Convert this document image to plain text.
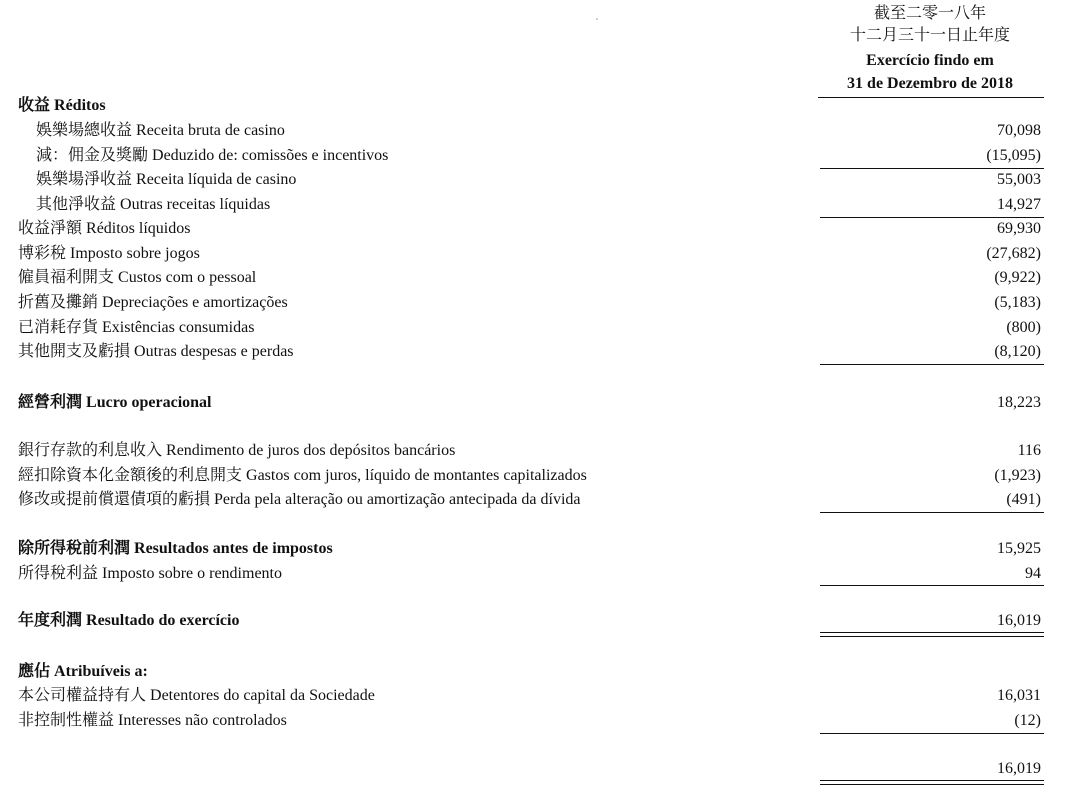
截至二零一八年
十二月三十一日止年度
Exercício findo em
31 de Dezembro de 2018
收益 Réditos
娛樂場總收益 Receita bruta de casino	70,098
減：佣金及獎勵 Deduzido de: comissões e incentivos	(15,095)
娛樂場淨收益 Receita líquida de casino	55,003
其他淨收益 Outras receitas líquidas	14,927
收益淨額 Réditos líquidos	69,930
博彩稅 Imposto sobre jogos	(27,682)
僱員福利開支 Custos com o pessoal	(9,922)
折舊及攤銷 Depreciações e amortizações	(5,183)
已消耗存貨 Existências consumidas	(800)
其他開支及虧損 Outras despesas e perdas	(8,120)
經營利潤 Lucro operacional	18,223
銀行存款的利息收入 Rendimento de juros dos depósitos bancários	116
經扣除資本化金額後的利息開支 Gastos com juros, líquido de montantes capitalizados	(1,923)
修改或提前償還債項的虧損 Perda pela alteração ou amortização antecipada da dívida	(491)
除所得稅前利潤 Resultados antes de impostos	15,925
所得稅利益 Imposto sobre o rendimento	94
年度利潤 Resultado do exercício	16,019
應佔 Atribuíveis a:
本公司權益持有人 Detentores do capital da Sociedade	16,031
非控制性權益 Interesses não controlados	(12)
16,019
